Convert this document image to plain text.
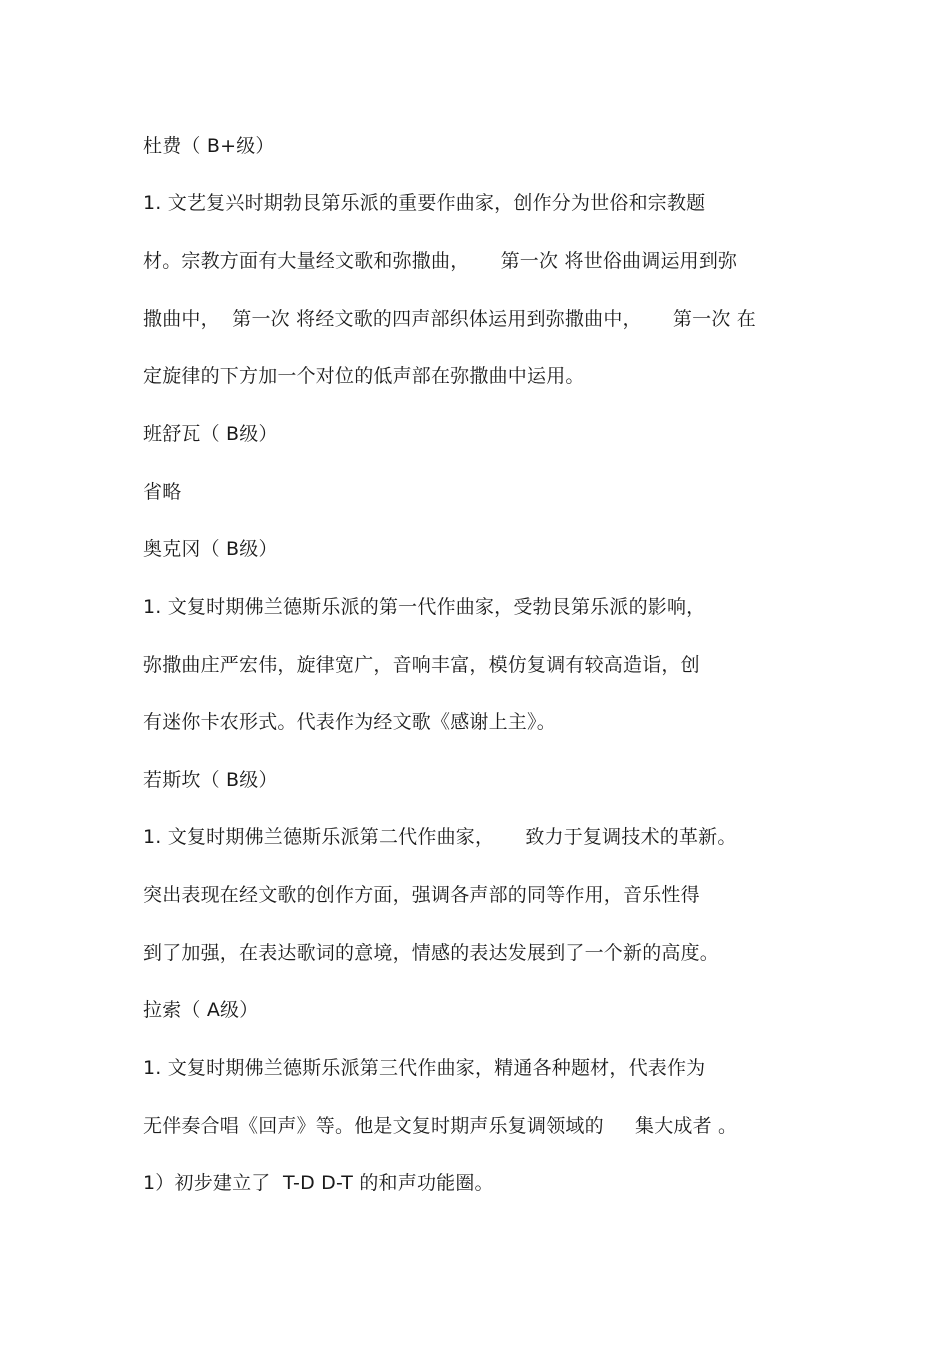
杜费（ B+级）
1. 文艺复兴时期勃艮第乐派的重要作曲家，创作分为世俗和宗教题
材。宗教方面有大量经文歌和弥撒曲，     第一次 将世俗曲调运用到弥
撒曲中，  第一次 将经文歌的四声部织体运用到弥撒曲中，     第一次 在
定旋律的下方加一个对位的低声部在弥撒曲中运用。
班舒瓦（ B级）
省略
奥克冈（ B级）
1. 文复时期佛兰德斯乐派的第一代作曲家，受勃艮第乐派的影响，
弥撒曲庄严宏伟，旋律宽广，音响丰富，模仿复调有较高造诣，创
有迷你卡农形式。代表作为经文歌《感谢上主》。
若斯坎（ B级）
1. 文复时期佛兰德斯乐派第二代作曲家，     致力于复调技术的革新。
突出表现在经文歌的创作方面，强调各声部的同等作用，音乐性得
到了加强，在表达歌词的意境，情感的表达发展到了一个新的高度。
拉索（ A级）
1. 文复时期佛兰德斯乐派第三代作曲家，精通各种题材，代表作为
无伴奏合唱《回声》等。他是文复时期声乐复调领域的     集大成者 。
1）初步建立了  T-D D-T 的和声功能圈。
